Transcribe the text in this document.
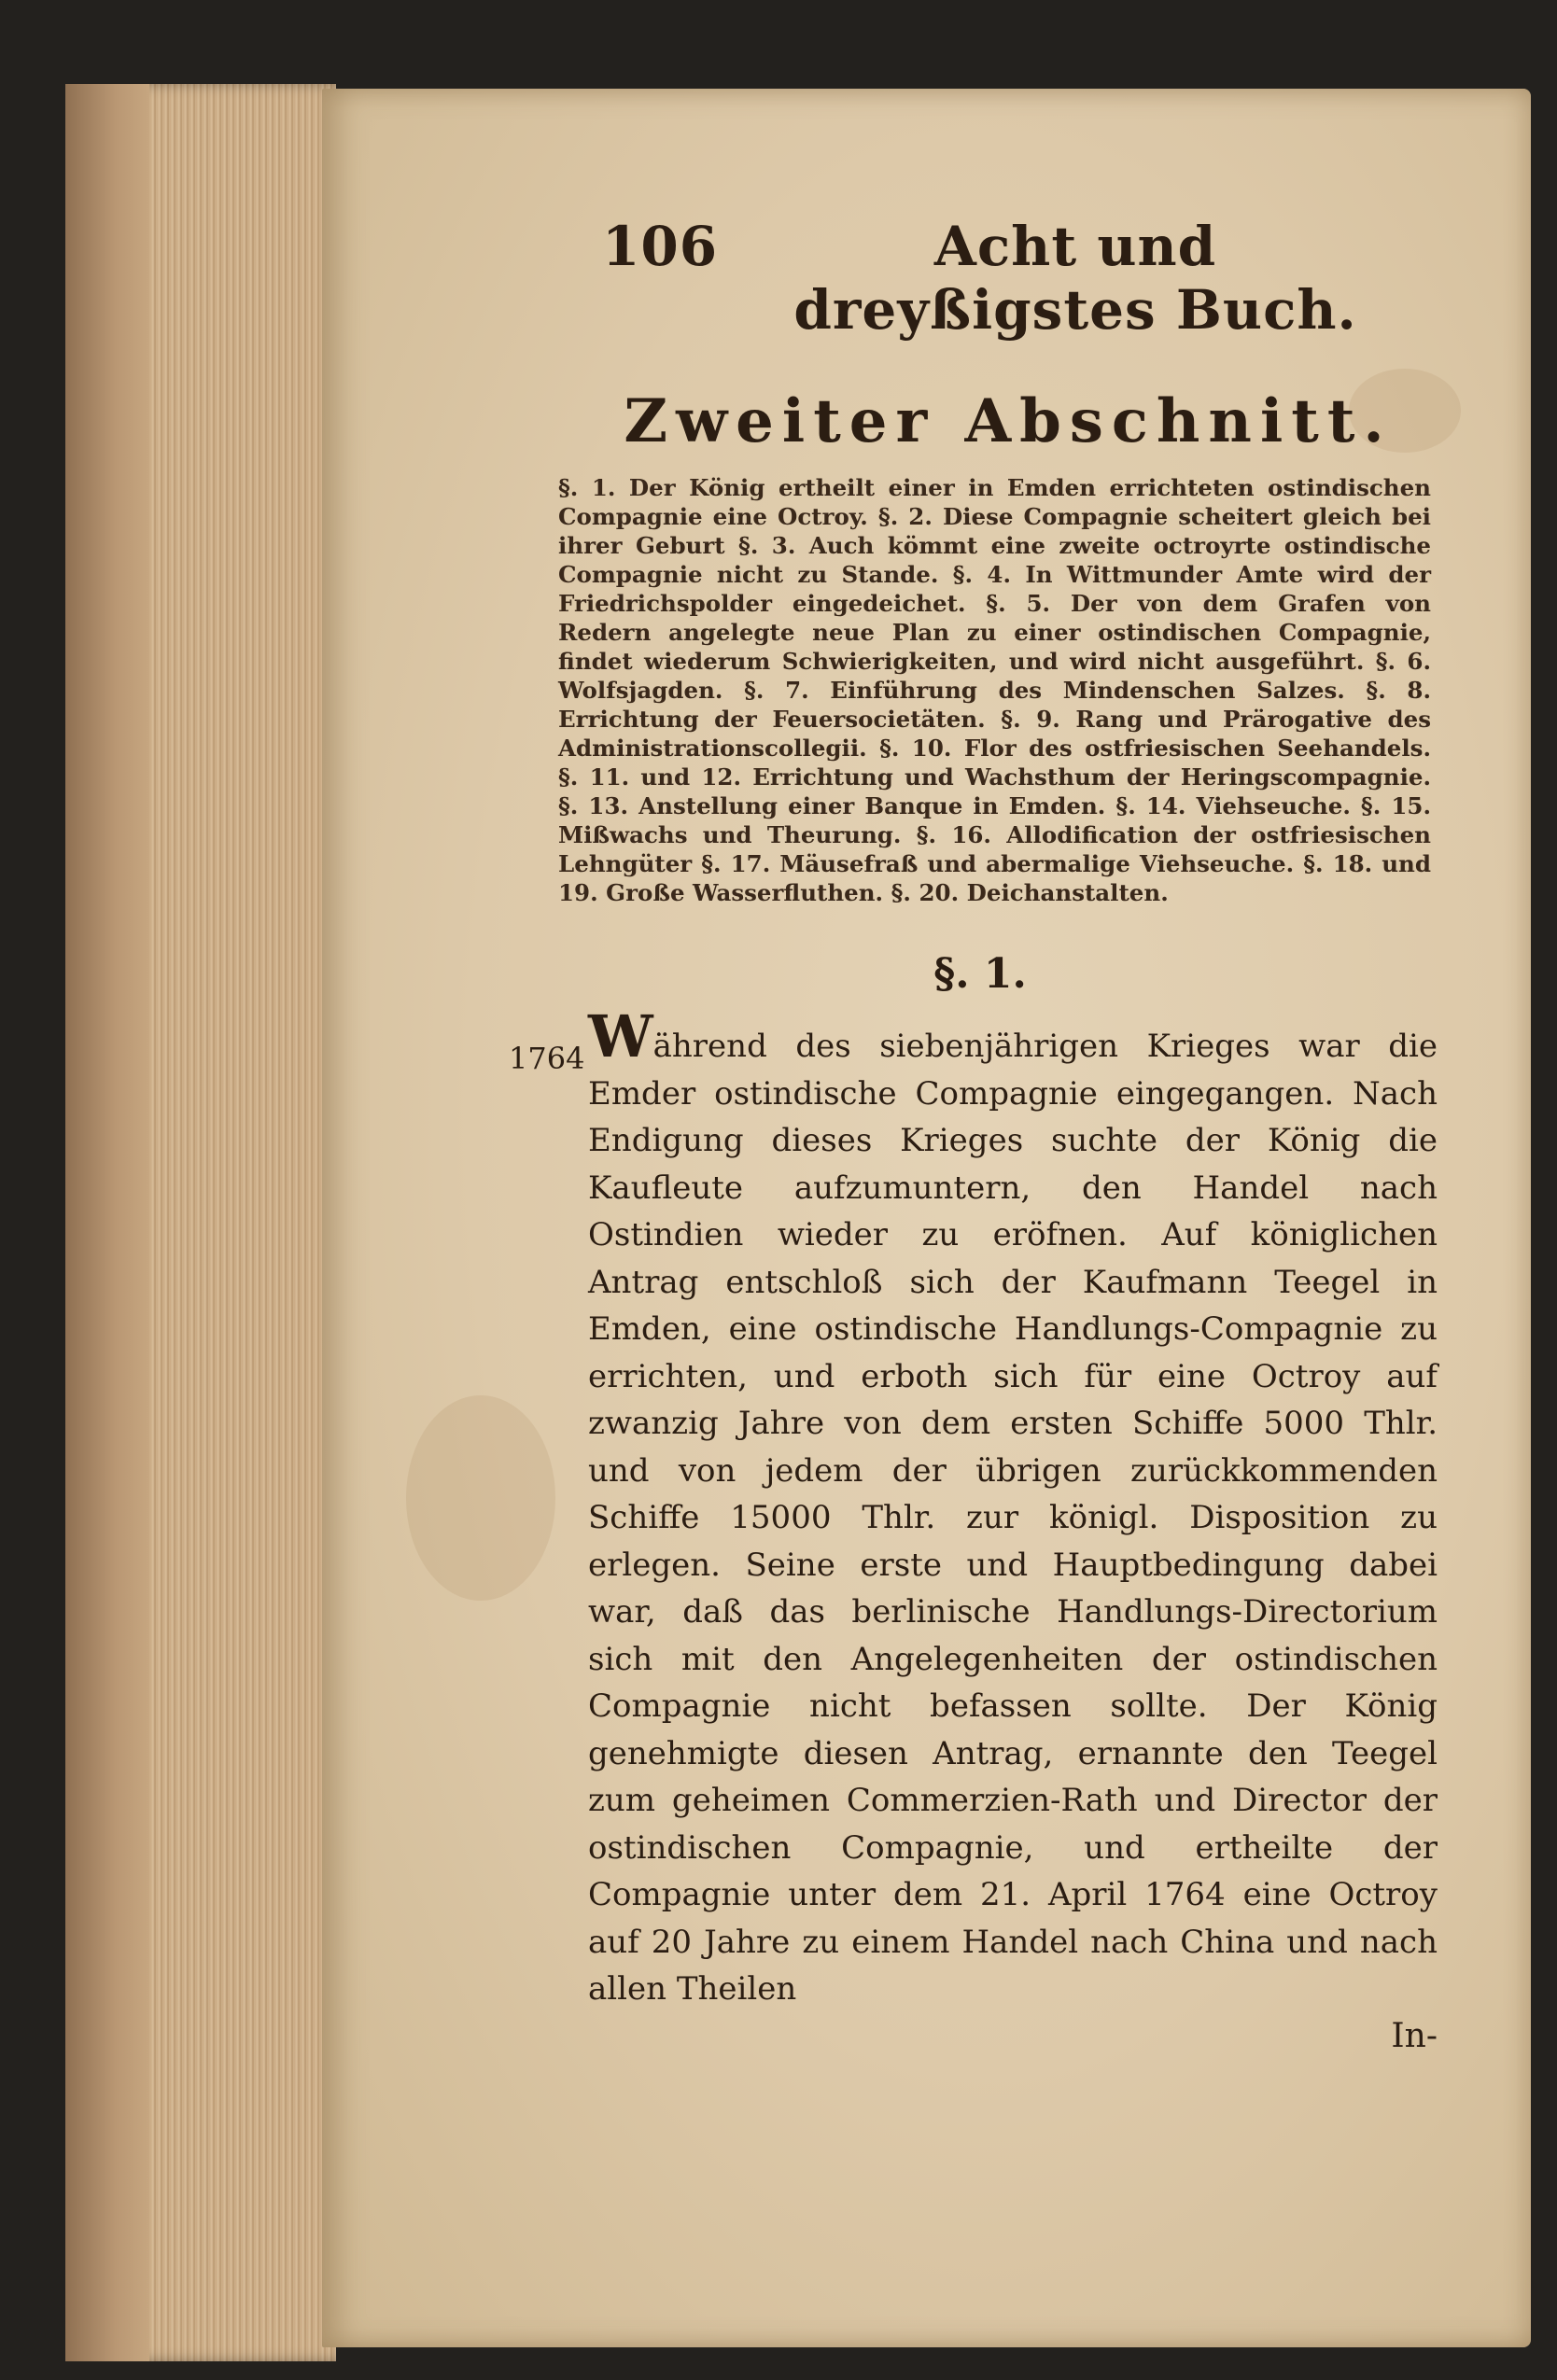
106	Acht und dreyßigstes Buch.
Zweiter Abschnitt.
§. 1. Der König ertheilt einer in Emden errichteten ostindischen Compagnie eine Octroy. §. 2. Diese Compagnie scheitert gleich bei ihrer Geburt §. 3. Auch kömmt eine zweite octroyrte ostindische Compagnie nicht zu Stande. §. 4. In Wittmunder Amte wird der Friedrichspolder eingedeichet. §. 5. Der von dem Grafen von Redern angelegte neue Plan zu einer ostindischen Compagnie, findet wiederum Schwierigkeiten, und wird nicht ausgeführt. §. 6. Wolfsjagden. §. 7. Einführung des Mindenschen Salzes. §. 8. Errichtung der Feuersocietäten. §. 9. Rang und Prärogative des Administrationscollegii. §. 10. Flor des ostfriesischen Seehandels. §. 11. und 12. Errichtung und Wachsthum der Heringscompagnie. §. 13. Anstellung einer Banque in Emden. §. 14. Viehseuche. §. 15. Mißwachs und Theurung. §. 16. Allodification der ostfriesischen Lehngüter §. 17. Mäusefraß und abermalige Viehseuche. §. 18. und 19. Große Wasserfluthen. §. 20. Deichanstalten.
§. 1.
1764 Während des siebenjährigen Krieges war die Emder ostindische Compagnie eingegangen. Nach Endigung dieses Krieges suchte der König die Kaufleute aufzumuntern, den Handel nach Ostindien wieder zu eröfnen. Auf königlichen Antrag entschloß sich der Kaufmann Teegel in Emden, eine ostindische Handlungs-Compagnie zu errichten, und erboth sich für eine Octroy auf zwanzig Jahre von dem ersten Schiffe 5000 Thlr. und von jedem der übrigen zurückkommenden Schiffe 15000 Thlr. zur königl. Disposition zu erlegen. Seine erste und Hauptbedingung dabei war, daß das berlinische Handlungs-Directorium sich mit den Angelegenheiten der ostindischen Compagnie nicht befassen sollte. Der König genehmigte diesen Antrag, ernannte den Teegel zum geheimen Commerzien-Rath und Director der ostindischen Compagnie, und ertheilte der Compagnie unter dem 21. April 1764 eine Octroy auf 20 Jahre zu einem Handel nach China und nach allen Theilen
In-
